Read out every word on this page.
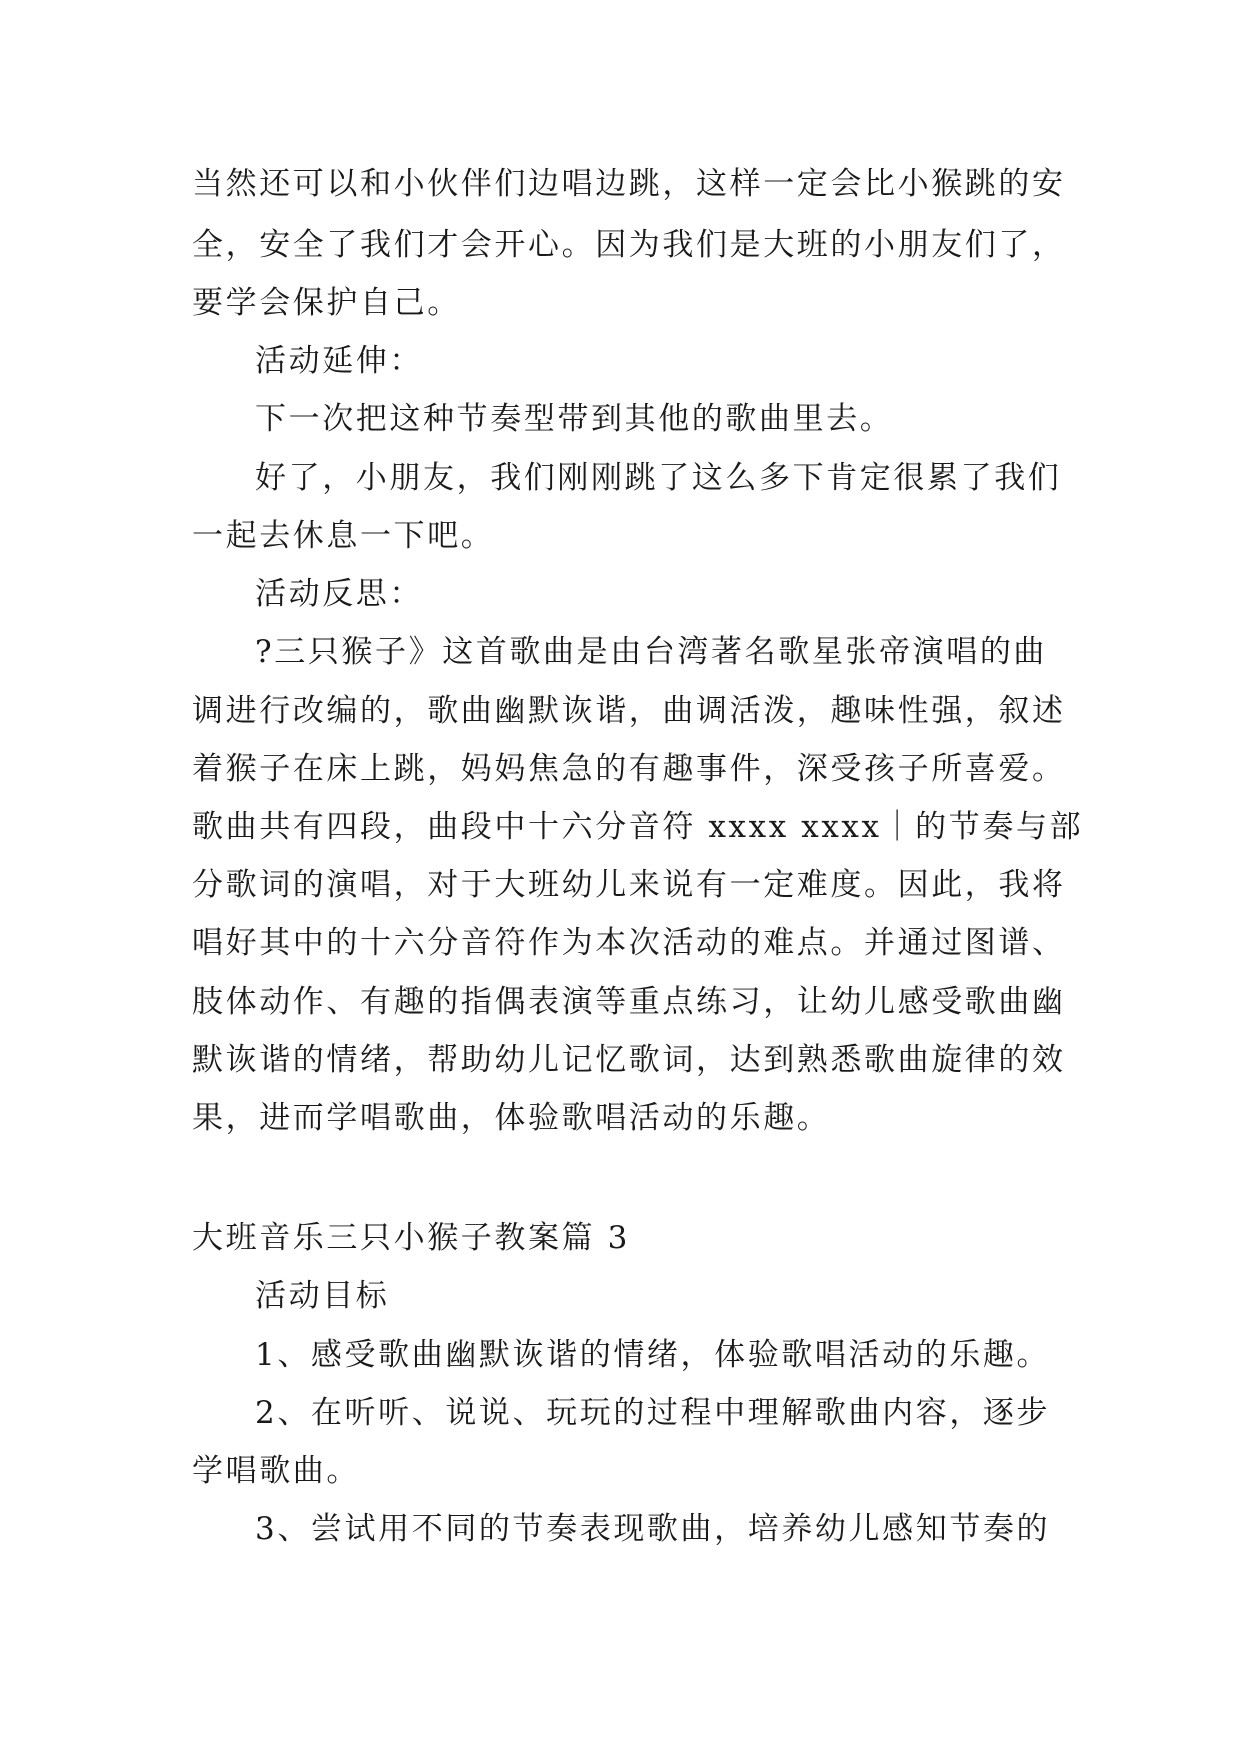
当然还可以和小伙伴们边唱边跳，这样一定会比小猴跳的安
全，安全了我们才会开心。因为我们是大班的小朋友们了，
要学会保护自己。
活动延伸：
下一次把这种节奏型带到其他的歌曲里去。
好了，小朋友，我们刚刚跳了这么多下肯定很累了我们
一起去休息一下吧。
活动反思：
?三只猴子》这首歌曲是由台湾著名歌星张帝演唱的曲
调进行改编的，歌曲幽默诙谐，曲调活泼，趣味性强，叙述
着猴子在床上跳，妈妈焦急的有趣事件，深受孩子所喜爱。
歌曲共有四段，曲段中十六分音符 xxxx xxxx｜的节奏与部
分歌词的演唱，对于大班幼儿来说有一定难度。因此，我将
唱好其中的十六分音符作为本次活动的难点。并通过图谱、
肢体动作、有趣的指偶表演等重点练习，让幼儿感受歌曲幽
默诙谐的情绪，帮助幼儿记忆歌词，达到熟悉歌曲旋律的效
果，进而学唱歌曲，体验歌唱活动的乐趣。
大班音乐三只小猴子教案篇 3
活动目标
1、感受歌曲幽默诙谐的情绪，体验歌唱活动的乐趣。
2、在听听、说说、玩玩的过程中理解歌曲内容，逐步
学唱歌曲。
3、尝试用不同的节奏表现歌曲，培养幼儿感知节奏的
